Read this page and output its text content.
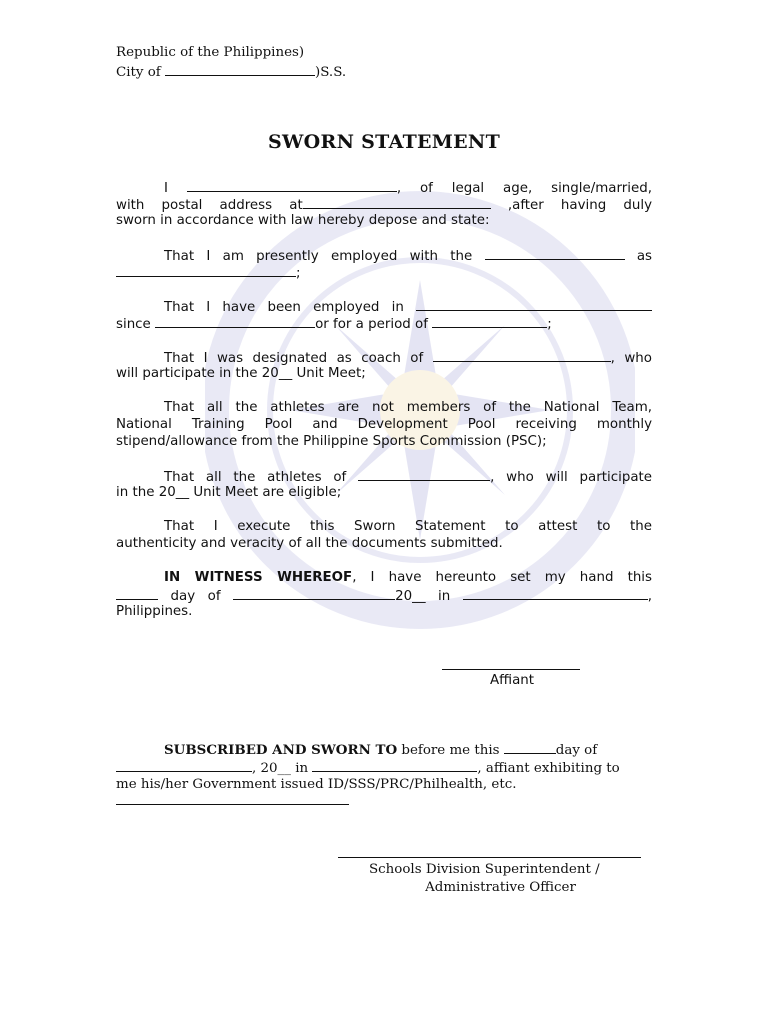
Republic of the Philippines)
City of	)S.S.
SWORN STATEMENT
I	, of legal age, single/married,
with postal address at	,after having duly
sworn in accordance with law hereby depose and state:
That I am presently employed with the	as
;
That I have been employed in
since	or for a period of	;
That I was designated as coach of	, who
will participate in the 20__ Unit Meet;
That all the athletes are not members of the National Team,
National Training Pool and Development Pool receiving monthly
stipend/allowance from the Philippine Sports Commission (PSC);
That all the athletes of	, who will participate
in the 20__ Unit Meet are eligible;
That I execute this Sworn Statement to attest to the
authenticity and veracity of all the documents submitted.
IN WITNESS WHEREOF, I have hereunto set my hand this
day of	20__ in	,
Philippines.
Affiant
SUBSCRIBED AND SWORN TO before me this	day of
, 20__ in	, affiant exhibiting to
me his/her Government issued ID/SSS/PRC/Philhealth, etc.
Schools Division Superintendent /
Administrative Officer
